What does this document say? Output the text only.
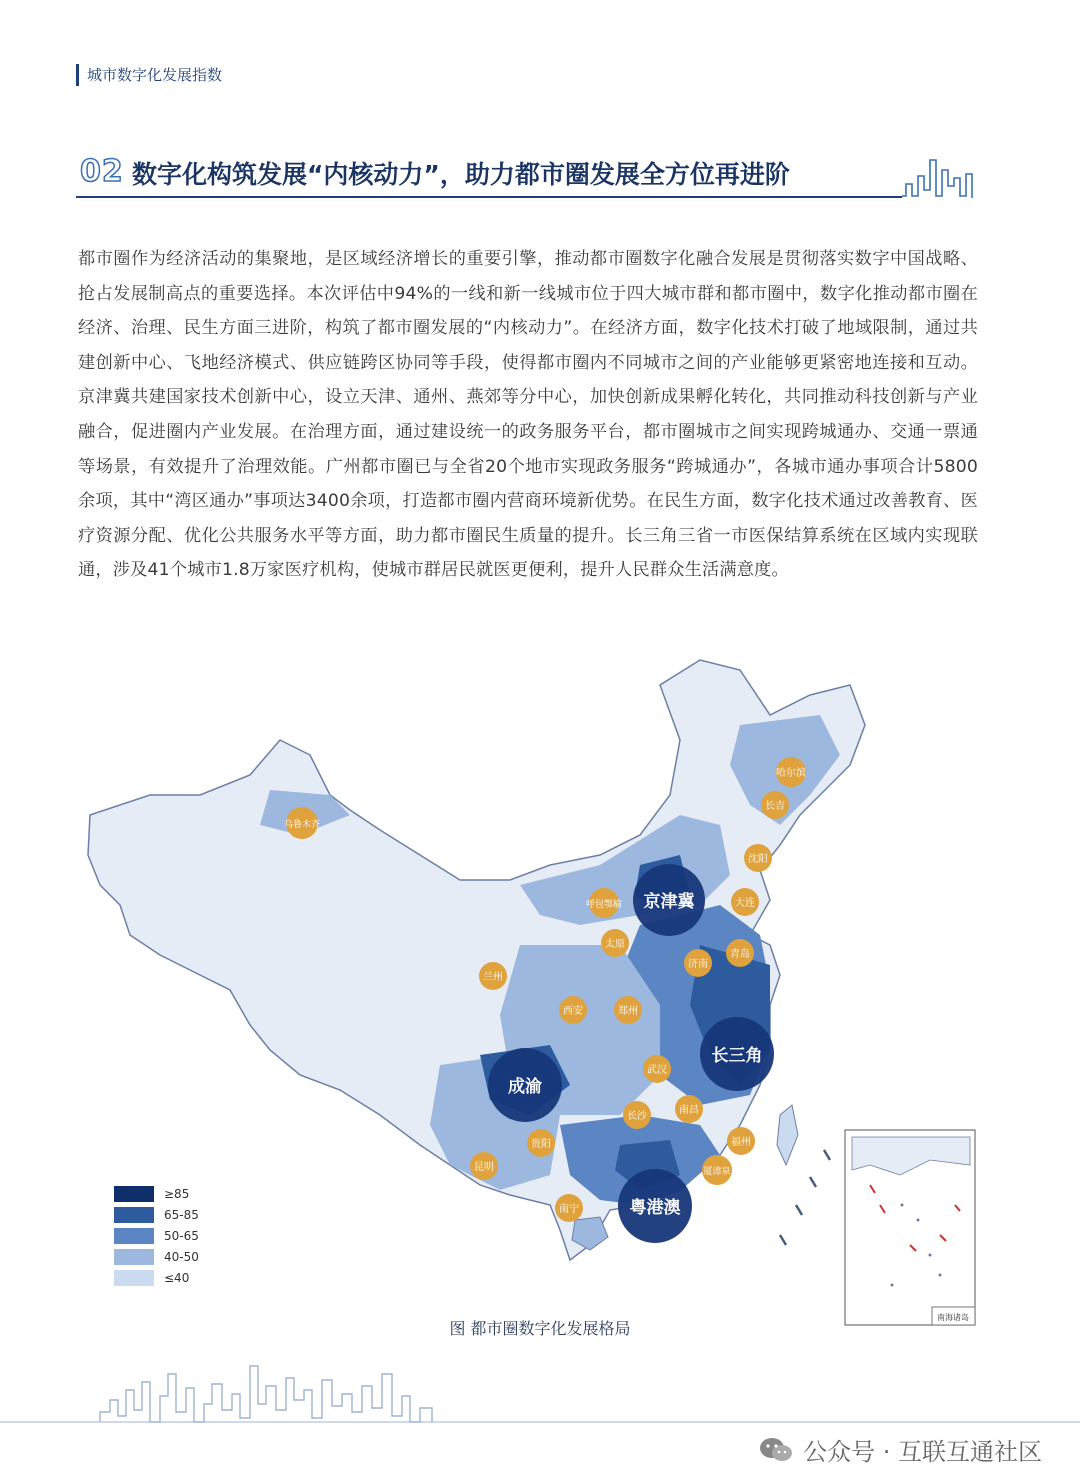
城市数字化发展指数
02 数字化构筑发展“内核动力”，助力都市圈发展全方位再进阶
都市圈作为经济活动的集聚地，是区域经济增长的重要引擎，推动都市圈数字化融合发展是贯彻落实数字中国战略、抢占发展制高点的重要选择。本次评估中94%的一线和新一线城市位于四大城市群和都市圈中，数字化推动都市圈在经济、治理、民生方面三进阶，构筑了都市圈发展的“内核动力”。在经济方面，数字化技术打破了地域限制，通过共建创新中心、飞地经济模式、供应链跨区协同等手段，使得都市圈内不同城市之间的产业能够更紧密地连接和互动。京津冀共建国家技术创新中心，设立天津、通州、燕郊等分中心，加快创新成果孵化转化，共同推动科技创新与产业融合，促进圈内产业发展。在治理方面，通过建设统一的政务服务平台，都市圈城市之间实现跨城通办、交通一票通等场景，有效提升了治理效能。广州都市圈已与全省20个地市实现政务服务“跨城通办”，各城市通办事项合计5800余项，其中“湾区通办”事项达3400余项，打造都市圈内营商环境新优势。在民生方面，数字化技术通过改善教育、医疗资源分配、优化公共服务水平等方面，助力都市圈民生质量的提升。长三角三省一市医保结算系统在区域内实现联通，涉及41个城市1.8万家医疗机构，使城市群居民就医更便利，提升人民群众生活满意度。
京津冀
长三角
成渝
粤港澳
哈尔滨
长吉
沈阳
大连
乌鲁木齐
呼包鄂榆
太原
青岛
济南
兰州
西安	郑州
武汉
长沙
南昌
福州
厦漳泉
贵阳
昆明
南宁
南海诸岛
≥85
65-85
50-65
40-50
≤40
图 都市圈数字化发展格局
公众号 · 互联互通社区
